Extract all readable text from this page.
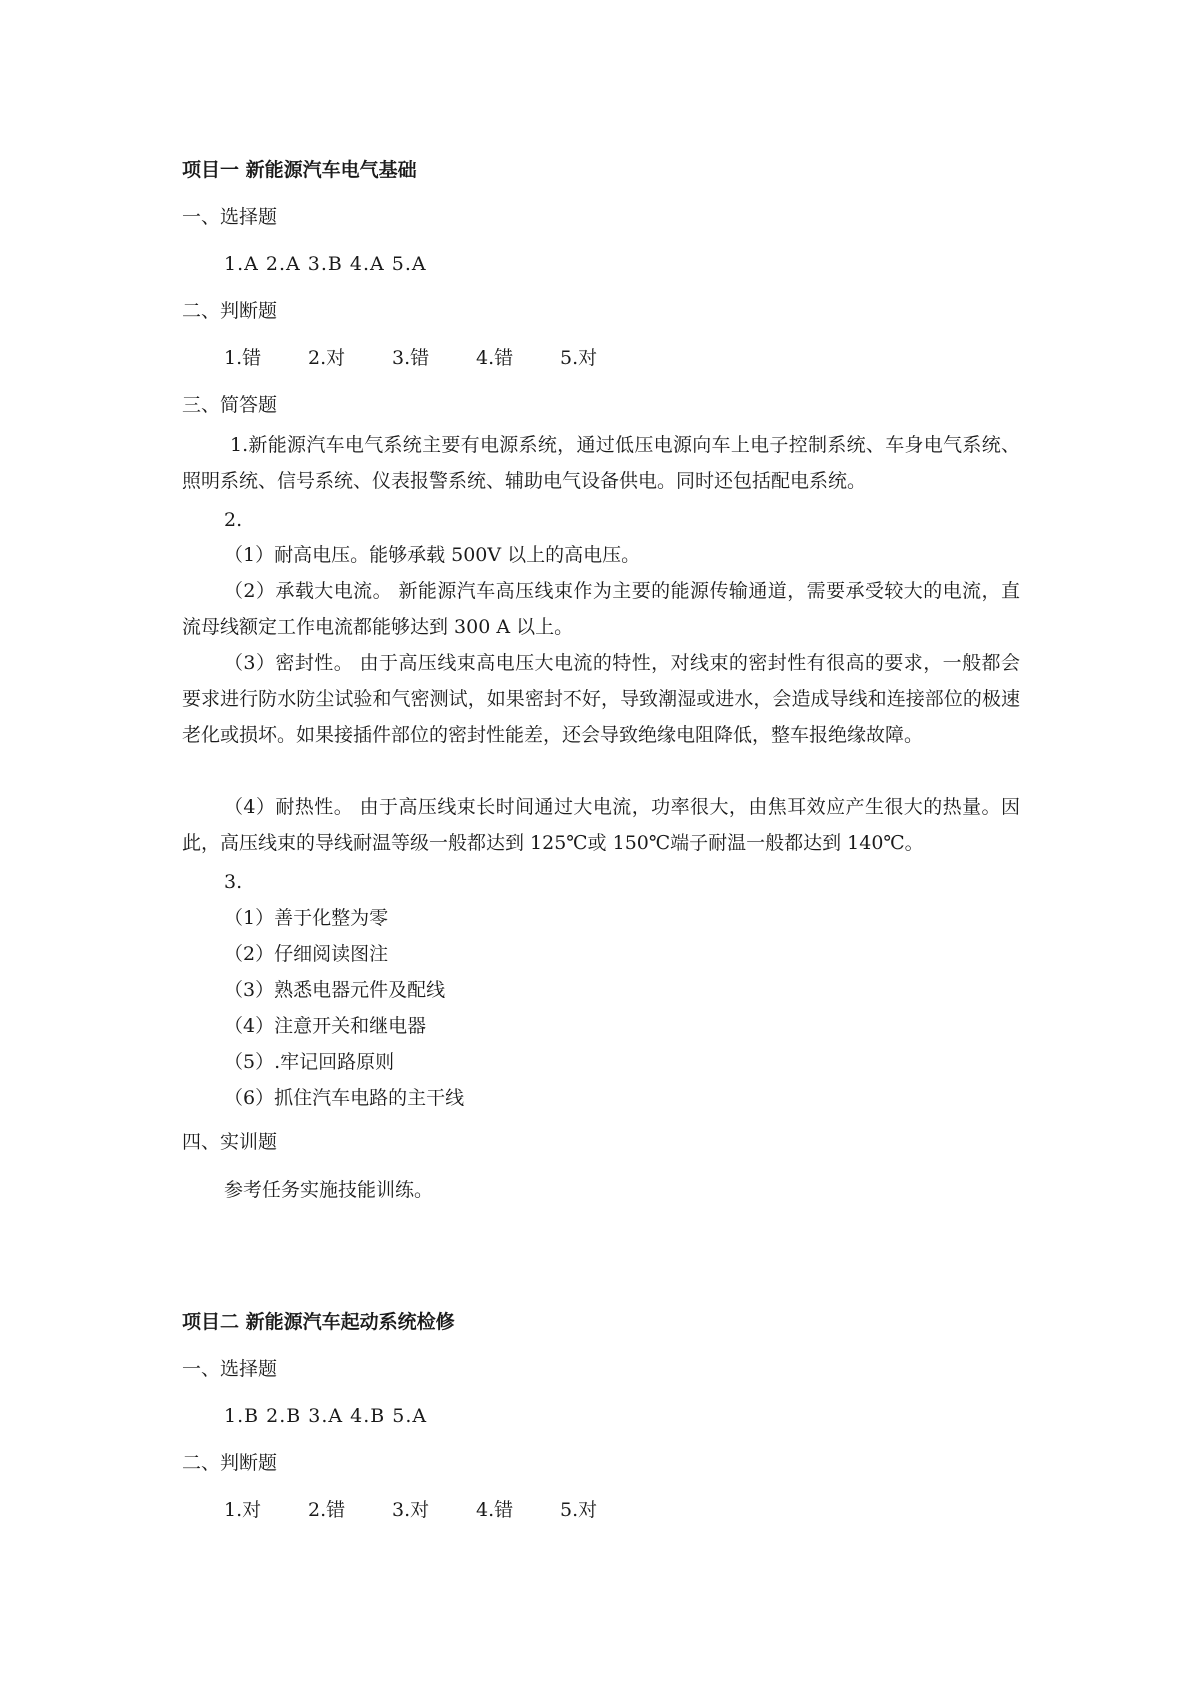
项目一 新能源汽车电气基础
一、选择题
1.A 2.A 3.B 4.A 5.A
二、判断题
1.错 2.对 3.错 4.错 5.对
三、简答题

1.新能源汽车电气系统主要有电源系统，通过低压电源向车上电子控制系统、车身电气系统、照明系统、信号系统、仪表报警系统、辅助电气设备供电。同时还包括配电系统。

2.

（1）耐高电压。能够承载 500V 以上的高电压。

（2）承载大电流。 新能源汽车高压线束作为主要的能源传输通道，需要承受较大的电流，直流母线额定工作电流都能够达到 300 A 以上。

（3）密封性。 由于高压线束高电压大电流的特性，对线束的密封性有很高的要求，一般都会要求进行防水防尘试验和气密测试，如果密封不好，导致潮湿或进水，会造成导线和连接部位的极速老化或损坏。如果接插件部位的密封性能差，还会导致绝缘电阻降低，整车报绝缘故障。

（4）耐热性。 由于高压线束长时间通过大电流，功率很大，由焦耳效应产生很大的热量。因此，高压线束的导线耐温等级一般都达到 125℃或 150℃端子耐温一般都达到 140℃。

3.
（1）善于化整为零
（2）仔细阅读图注
（3）熟悉电器元件及配线
（4）注意开关和继电器
（5）.牢记回路原则
（6）抓住汽车电路的主干线
四、实训题
参考任务实施技能训练。
项目二 新能源汽车起动系统检修
一、选择题
1.B 2.B 3.A 4.B 5.A
二、判断题
1.对 2.错 3.对 4.错 5.对
